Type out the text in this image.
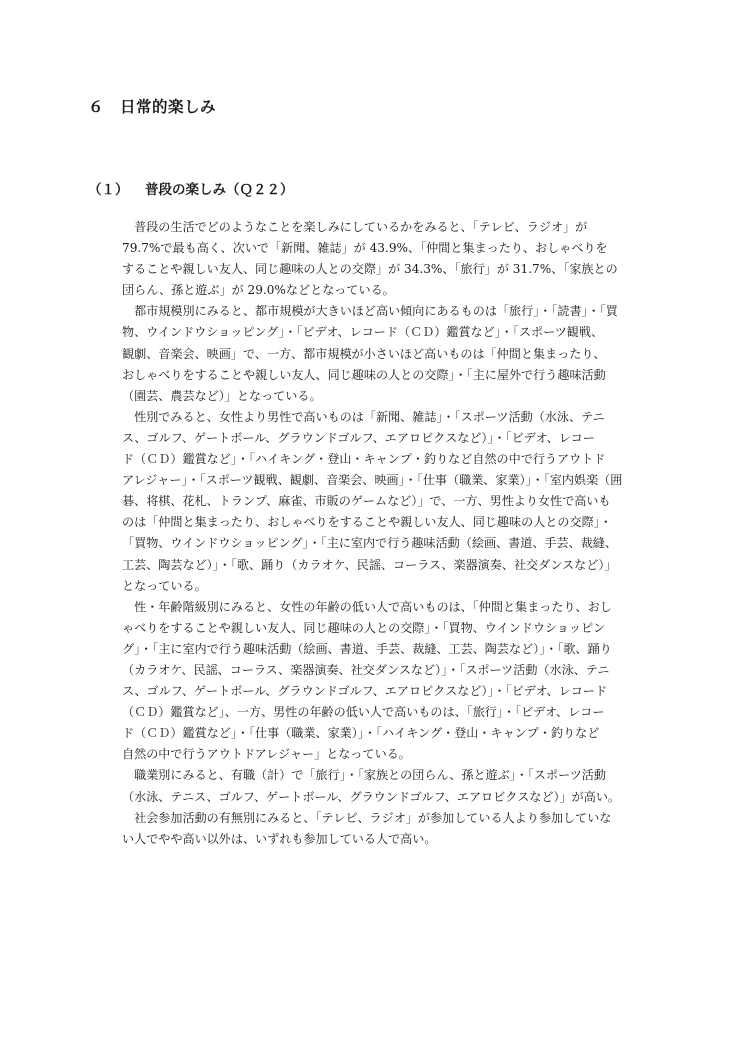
６　 日常的楽しみ
（１） 普段の楽しみ（Ｑ２２）
　普段の生活でどのようなことを楽しみにしているかをみると、「テレビ、ラジオ」が
79.7%で最も高く、次いで「新聞、雑誌」が 43.9%、「仲間と集まったり、おしゃべりを
することや親しい友人、同じ趣味の人との交際」が 34.3%、「旅行」が 31.7%、「家族との
団らん、孫と遊ぶ」が 29.0%などとなっている。
　都市規模別にみると、都市規模が大きいほど高い傾向にあるものは「旅行」・「読書」・「買
物、ウインドウショッピング」・「ビデオ、レコード（ＣＤ）鑑賞など」・「スポーツ観戦、
観劇、音楽会、映画」で、一方、都市規模が小さいほど高いものは「仲間と集まったり、
おしゃべりをすることや親しい友人、同じ趣味の人との交際」・「主に屋外で行う趣味活動
（園芸、農芸など）」となっている。
　性別でみると、女性より男性で高いものは「新聞、雑誌」・「スポーツ活動（水泳、テニ
ス、ゴルフ、ゲートボール、グラウンドゴルフ、エアロビクスなど）」・「ビデオ、レコー
ド（ＣＤ）鑑賞など」・「ハイキング・登山・キャンプ・釣りなど自然の中で行うアウトド
アレジャー」・「スポーツ観戦、観劇、音楽会、映画」・「仕事（職業、家業）」・「室内娯楽（囲
碁、将棋、花札、トランプ、麻雀、市販のゲームなど）」で、一方、男性より女性で高いも
のは「仲間と集まったり、おしゃべりをすることや親しい友人、同じ趣味の人との交際」・
「買物、ウインドウショッピング」・「主に室内で行う趣味活動（絵画、書道、手芸、裁縫、
工芸、陶芸など）」・「歌、踊り（カラオケ、民謡、コーラス、楽器演奏、社交ダンスなど）」
となっている。
　性・年齢階級別にみると、女性の年齢の低い人で高いものは、「仲間と集まったり、おし
ゃべりをすることや親しい友人、同じ趣味の人との交際」・「買物、ウインドウショッピン
グ」・「主に室内で行う趣味活動（絵画、書道、手芸、裁縫、工芸、陶芸など）」・「歌、踊り
（カラオケ、民謡、コーラス、楽器演奏、社交ダンスなど）」・「スポーツ活動（水泳、テニ
ス、ゴルフ、ゲートボール、グラウンドゴルフ、エアロビクスなど）」・「ビデオ、レコード
（ＣＤ）鑑賞など」、一方、男性の年齢の低い人で高いものは、「旅行」・「ビデオ、レコー
ド（ＣＤ）鑑賞など」・「仕事（職業、家業）」・「ハイキング・登山・キャンプ・釣りなど
自然の中で行うアウトドアレジャー」となっている。
　職業別にみると、有職（計）で「旅行」・「家族との団らん、孫と遊ぶ」・「スポーツ活動
（水泳、テニス、ゴルフ、ゲートボール、グラウンドゴルフ、エアロビクスなど）」が高い。
　社会参加活動の有無別にみると、「テレビ、ラジオ」が参加している人より参加していな
い人でやや高い以外は、いずれも参加している人で高い。
